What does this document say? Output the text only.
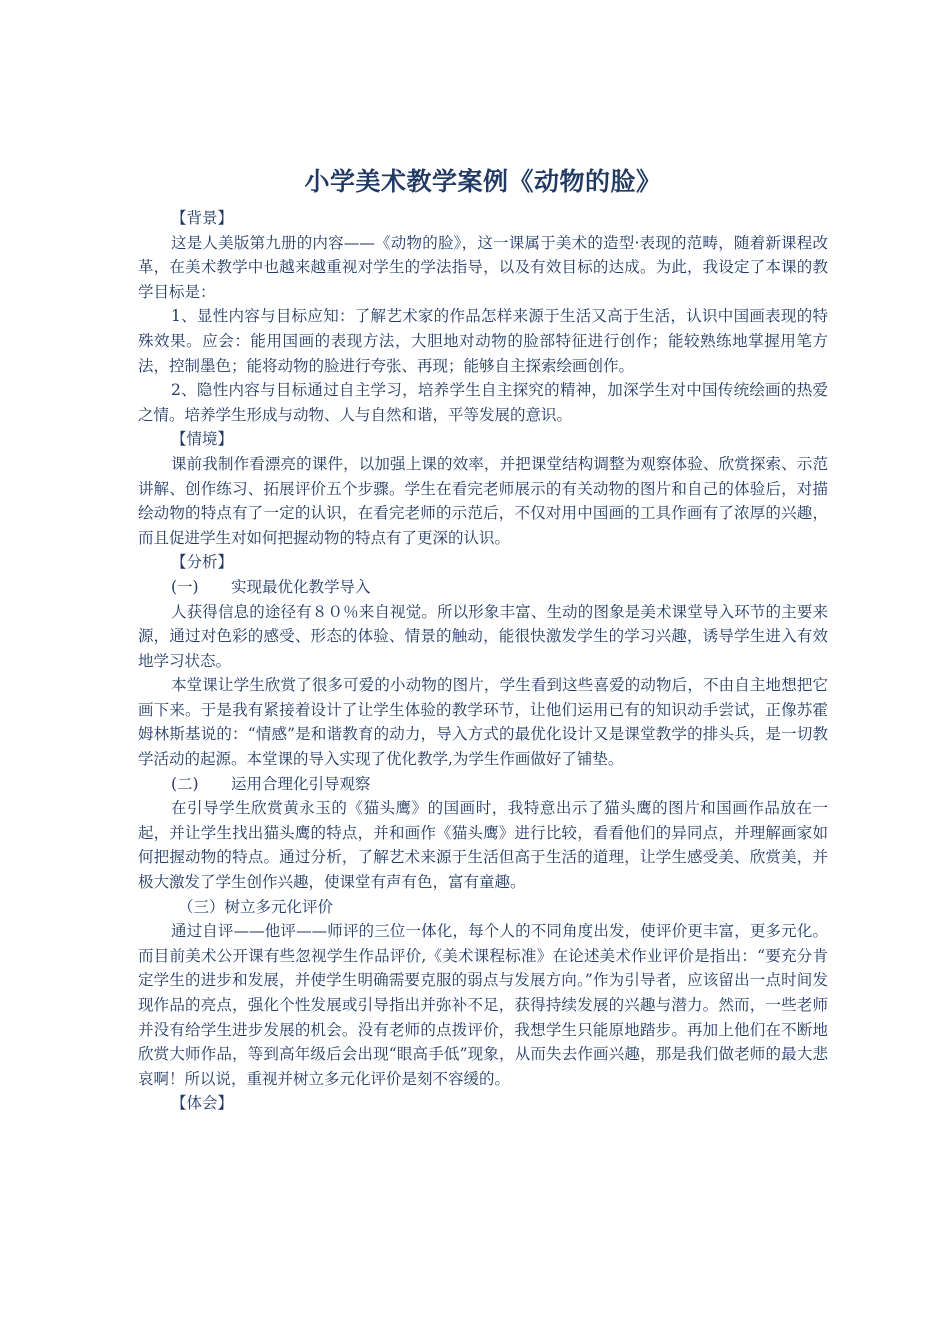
小学美术教学案例《动物的脸》

【背景】

这是人美版第九册的内容——《动物的脸》，这一课属于美术的造型·表现的范畴，随着新课程改革，在美术教学中也越来越重视对学生的学法指导，以及有效目标的达成。为此，我设定了本课的教学目标是：

1、显性内容与目标应知：了解艺术家的作品怎样来源于生活又高于生活，认识中国画表现的特殊效果。应会：能用国画的表现方法，大胆地对动物的脸部特征进行创作；能较熟练地掌握用笔方法，控制墨色；能将动物的脸进行夸张、再现；能够自主探索绘画创作。

2、隐性内容与目标通过自主学习，培养学生自主探究的精神，加深学生对中国传统绘画的热爱之情。培养学生形成与动物、人与自然和谐，平等发展的意识。

【情境】

课前我制作看漂亮的课件，以加强上课的效率，并把课堂结构调整为观察体验、欣赏探索、示范讲解、创作练习、拓展评价五个步骤。学生在看完老师展示的有关动物的图片和自己的体验后，对描绘动物的特点有了一定的认识，在看完老师的示范后，不仅对用中国画的工具作画有了浓厚的兴趣，而且促进学生对如何把握动物的特点有了更深的认识。

【分析】

(一) 实现最优化教学导入

人获得信息的途径有８０％来自视觉。所以形象丰富、生动的图象是美术课堂导入环节的主要来源，通过对色彩的感受、形态的体验、情景的触动，能很快激发学生的学习兴趣，诱导学生进入有效地学习状态。

本堂课让学生欣赏了很多可爱的小动物的图片，学生看到这些喜爱的动物后，不由自主地想把它画下来。于是我有紧接着设计了让学生体验的教学环节，让他们运用已有的知识动手尝试，正像苏霍姆林斯基说的：“情感”是和谐教育的动力，导入方式的最优化设计又是课堂教学的排头兵，是一切教学活动的起源。本堂课的导入实现了优化教学,为学生作画做好了铺垫。

(二) 运用合理化引导观察

在引导学生欣赏黄永玉的《猫头鹰》的国画时，我特意出示了猫头鹰的图片和国画作品放在一起，并让学生找出猫头鹰的特点，并和画作《猫头鹰》进行比较，看看他们的异同点，并理解画家如何把握动物的特点。通过分析，了解艺术来源于生活但高于生活的道理，让学生感受美、欣赏美，并极大激发了学生创作兴趣，使课堂有声有色，富有童趣。

（三）树立多元化评价

通过自评——他评——师评的三位一体化，每个人的不同角度出发，使评价更丰富，更多元化。而目前美术公开课有些忽视学生作品评价,《美术课程标准》在论述美术作业评价是指出：“要充分肯定学生的进步和发展，并使学生明确需要克服的弱点与发展方向。”作为引导者，应该留出一点时间发现作品的亮点，强化个性发展或引导指出并弥补不足，获得持续发展的兴趣与潜力。然而，一些老师并没有给学生进步发展的机会。没有老师的点拨评价，我想学生只能原地踏步。再加上他们在不断地欣赏大师作品，等到高年级后会出现“眼高手低”现象，从而失去作画兴趣，那是我们做老师的最大悲哀啊！所以说，重视并树立多元化评价是刻不容缓的。

【体会】
